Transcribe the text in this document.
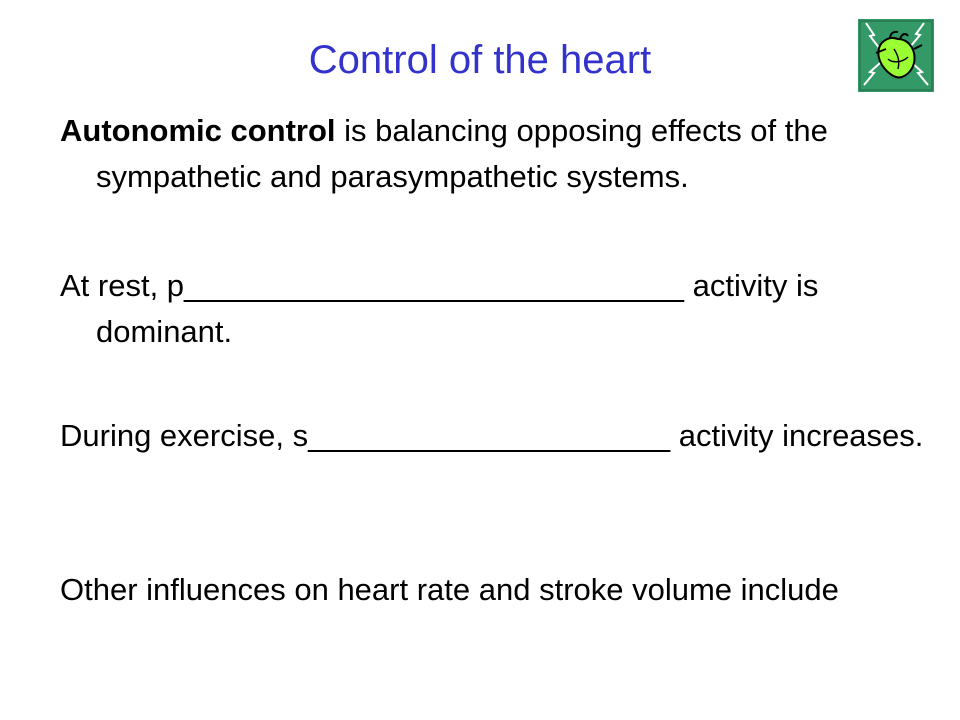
Control of the heart

Autonomic control is balancing opposing effects of the sympathetic and parasympathetic systems.

At rest, p_____________________________ activity is dominant.

During exercise, s_____________________ activity increases.

Other influences on heart rate and stroke volume include
